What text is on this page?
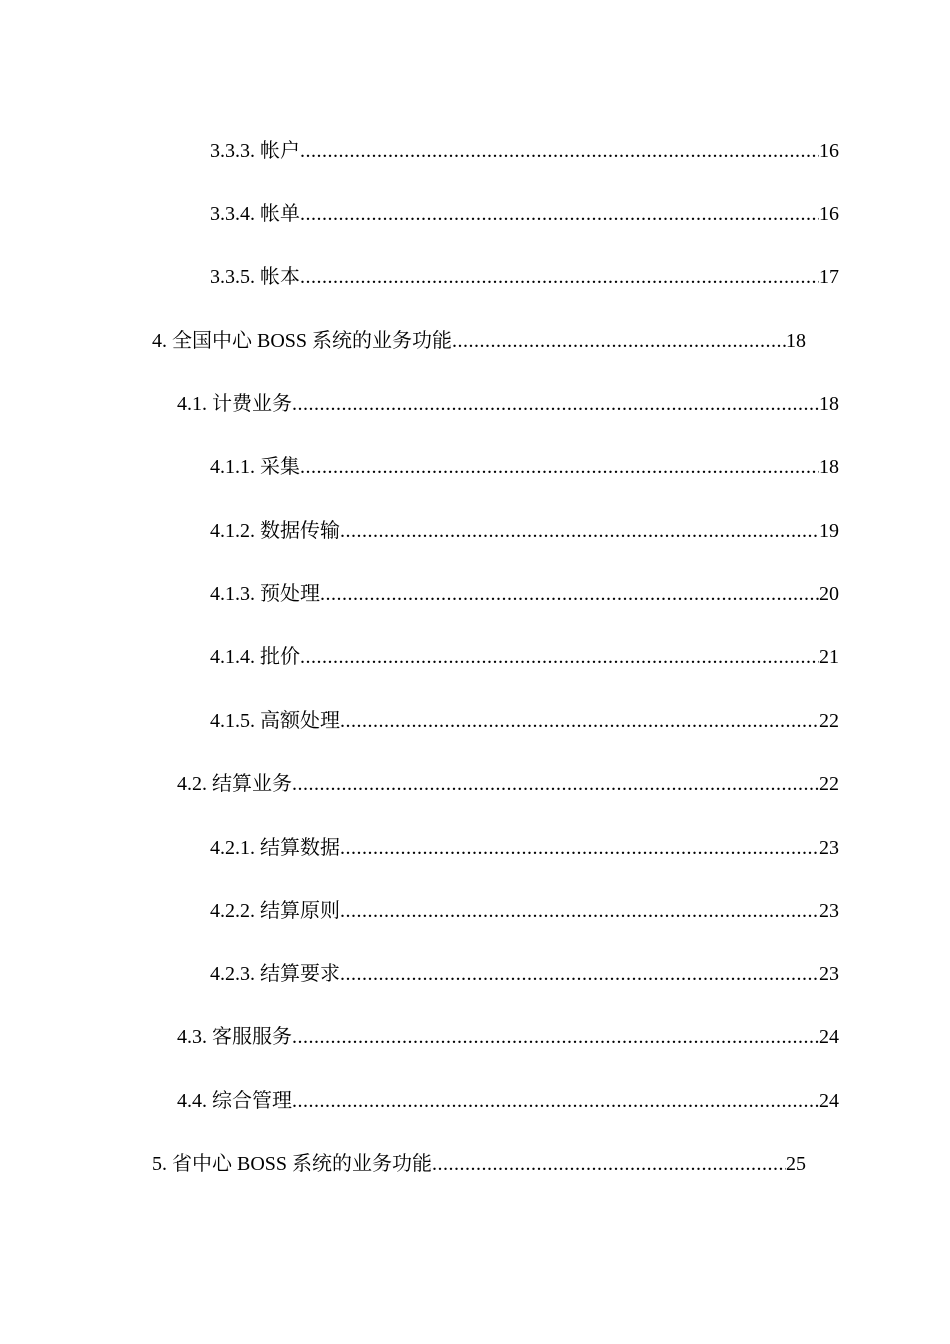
3.3.3. 帐户 .....	16
3.3.4. 帐单 .....	16
3.3.5. 帐本 .....	17
4. 全国中心 BOSS 系统的业务功能 .....	18
4.1. 计费业务 .....	18
4.1.1. 采集 .....	18
4.1.2. 数据传输 .....	19
4.1.3. 预处理 .....	20
4.1.4. 批价 .....	21
4.1.5. 高额处理 .....	22
4.2. 结算业务 .....	22
4.2.1. 结算数据 .....	23
4.2.2. 结算原则 .....	23
4.2.3. 结算要求 .....	23
4.3. 客服服务 .....	24
4.4. 综合管理 .....	24
5. 省中心 BOSS 系统的业务功能 .....	25
